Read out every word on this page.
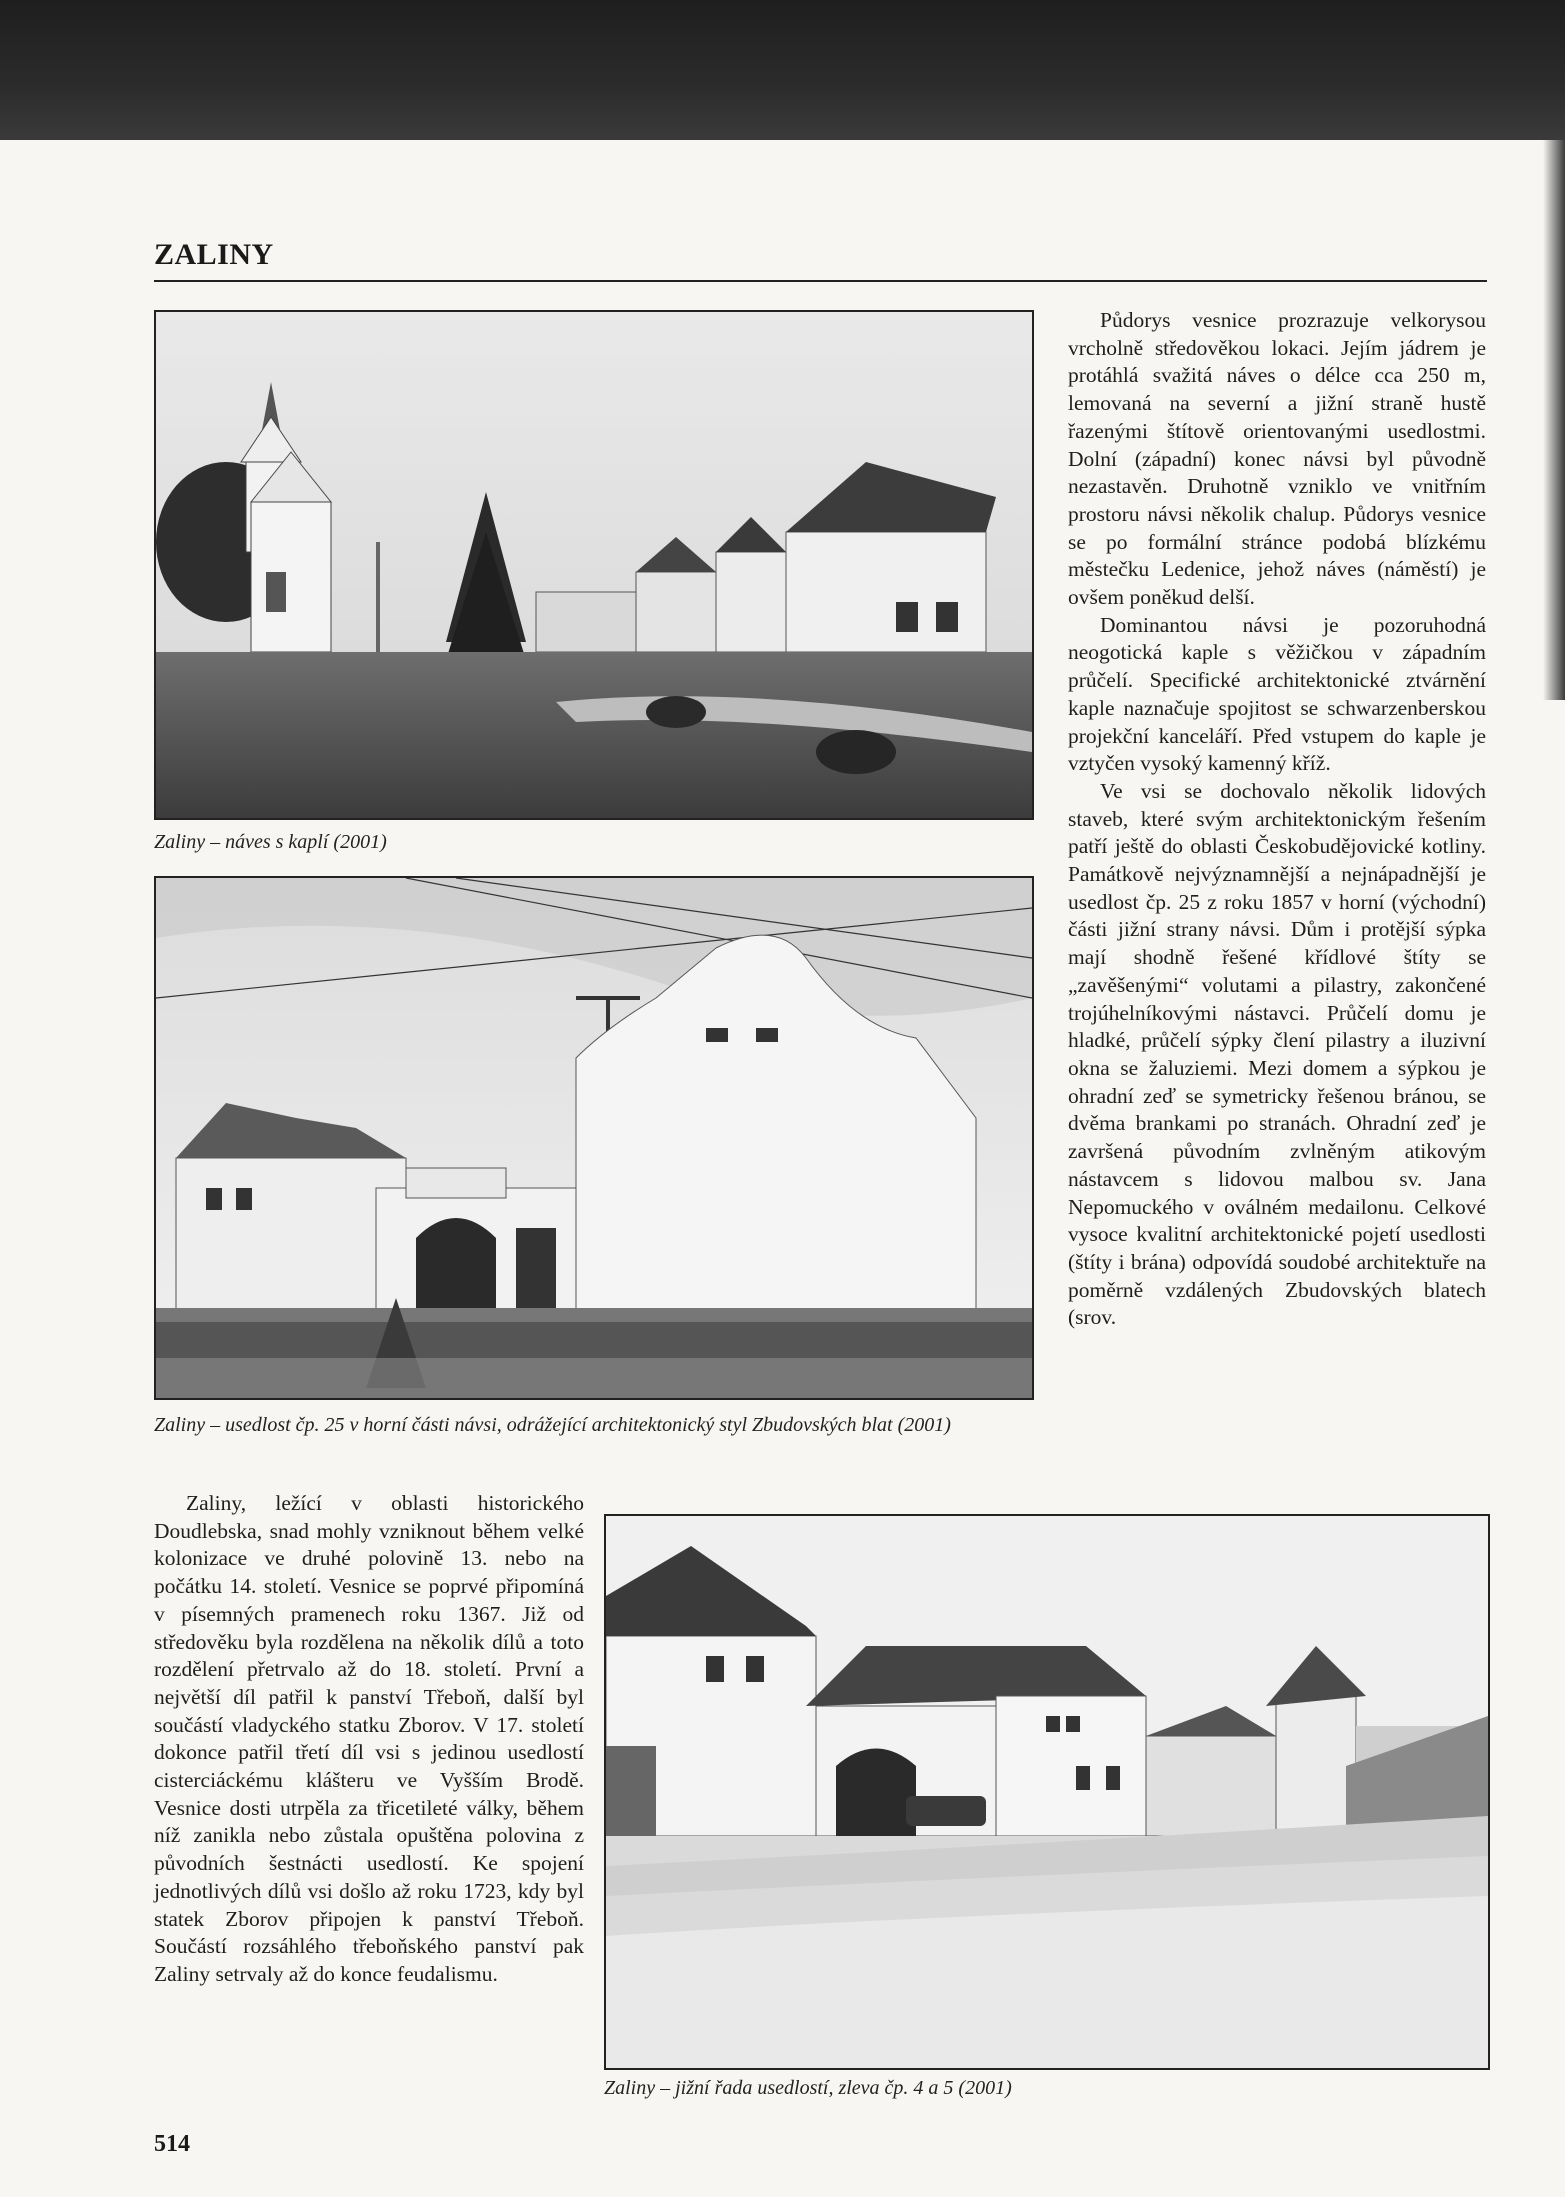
ZALINY
Zaliny – náves s kaplí (2001)
Zaliny – usedlost čp. 25 v horní části návsi, odrážející architektonický styl Zbudovských blat (2001)

Půdorys vesnice prozrazuje velkorysou vrcholně středověkou lokaci. Jejím jádrem je protáhlá svažitá náves o délce cca 250 m, lemovaná na severní a jižní straně hustě řazenými štítově orientovanými usedlostmi. Dolní (západní) konec návsi byl původně nezastavěn. Druhotně vzniklo ve vnitřním prostoru návsi několik chalup. Půdorys vesnice se po formální stránce podobá blízkému městečku Ledenice, jehož náves (náměstí) je ovšem poněkud delší.

Dominantou návsi je pozoruhodná neogotická kaple s věžičkou v západním průčelí. Specifické architektonické ztvárnění kaple naznačuje spojitost se schwarzenberskou projekční kanceláří. Před vstupem do kaple je vztyčen vysoký kamenný kříž.

Ve vsi se dochovalo několik lidových staveb, které svým architektonickým řešením patří ještě do oblasti Českobudějovické kotliny. Památkově nejvýznamnější a nejnápadnější je usedlost čp. 25 z roku 1857 v horní (východní) části jižní strany návsi. Dům i protější sýpka mají shodně řešené křídlové štíty se „zavěšenými“ volutami a pilastry, zakončené trojúhelníkovými nástavci. Průčelí domu je hladké, průčelí sýpky člení pilastry a iluzivní okna se žaluziemi. Mezi domem a sýpkou je ohradní zeď se symetricky řešenou bránou, se dvěma brankami po stranách. Ohradní zeď je završená původním zvlněným atikovým nástavcem s lidovou malbou sv. Jana Nepomuckého v oválném medailonu. Celkové vysoce kvalitní architektonické pojetí usedlosti (štíty i brána) odpovídá soudobé architektuře na poměrně vzdálených Zbudovských blatech (srov.

Zaliny, ležící v oblasti historického Doudlebska, snad mohly vzniknout během velké kolonizace ve druhé polovině 13. nebo na počátku 14. století. Vesnice se poprvé připomíná v písemných pramenech roku 1367. Již od středověku byla rozdělena na několik dílů a toto rozdělení přetrvalo až do 18. století. První a největší díl patřil k panství Třeboň, další byl součástí vladyckého statku Zborov. V 17. století dokonce patřil třetí díl vsi s jedinou usedlostí cisterciáckému klášteru ve Vyšším Brodě. Vesnice dosti utrpěla za třicetileté války, během níž zanikla nebo zůstala opuštěna polovina z původních šestnácti usedlostí. Ke spojení jednotlivých dílů vsi došlo až roku 1723, kdy byl statek Zborov připojen k panství Třeboň. Součástí rozsáhlého třeboňského panství pak Zaliny setrvaly až do konce feudalismu.

Zaliny – jižní řada usedlostí, zleva čp. 4 a 5 (2001)
514
